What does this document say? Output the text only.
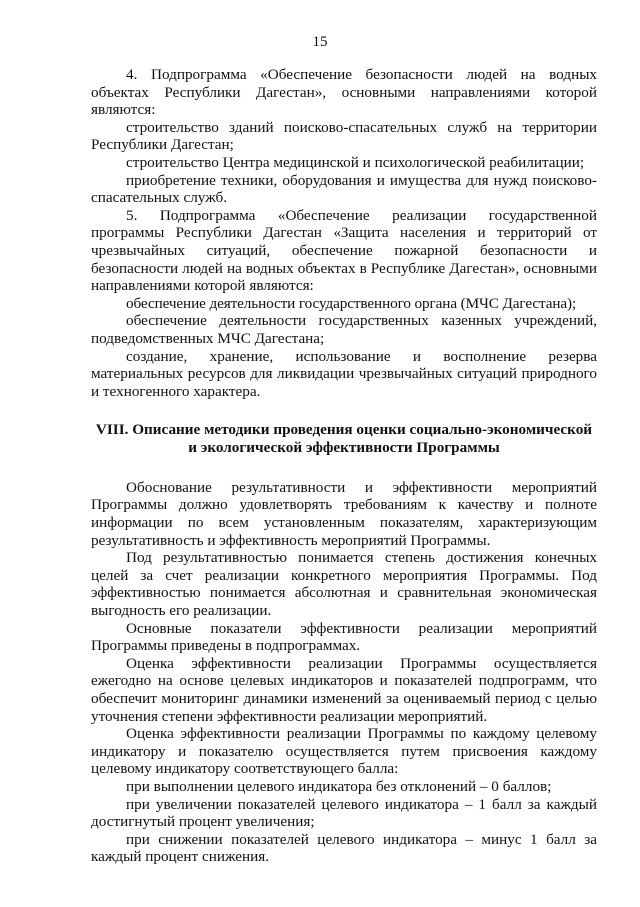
15

4. Подпрограмма «Обеспечение безопасности людей на водных объектах Республики Дагестан», основными направлениями которой являются:

строительство зданий поисково-спасательных служб на территории Республики Дагестан;

строительство Центра медицинской и психологической реабилитации;

приобретение техники, оборудования и имущества для нужд поисково-спасательных служб.

5. Подпрограмма «Обеспечение реализации государственной программы Республики Дагестан «Защита населения и территорий от чрезвычайных ситуаций, обеспечение пожарной безопасности и безопасности людей на водных объектах в Республике Дагестан», основными направлениями которой являются:

обеспечение деятельности государственного органа (МЧС Дагестана);

обеспечение деятельности государственных казенных учреждений, подведомственных МЧС Дагестана;

создание, хранение, использование и восполнение резерва материальных ресурсов для ликвидации чрезвычайных ситуаций природного и техногенного характера.

VIII. Описание методики проведения оценки социально-экономической
и экологической эффективности Программы

Обоснование результативности и эффективности мероприятий Программы должно удовлетворять требованиям к качеству и полноте информации по всем установленным показателям, характеризующим результативность и эффективность мероприятий Программы.

Под результативностью понимается степень достижения конечных целей за счет реализации конкретного мероприятия Программы. Под эффективностью понимается абсолютная и сравнительная экономическая выгодность его реализации.

Основные показатели эффективности реализации мероприятий Программы приведены в подпрограммах.

Оценка эффективности реализации Программы осуществляется ежегодно на основе целевых индикаторов и показателей подпрограмм, что обеспечит мониторинг динамики изменений за оцениваемый период с целью уточнения степени эффективности реализации мероприятий.

Оценка эффективности реализации Программы по каждому целевому индикатору и показателю осуществляется путем присвоения каждому целевому индикатору соответствующего балла:

при выполнении целевого индикатора без отклонений – 0 баллов;

при увеличении показателей целевого индикатора – 1 балл за каждый достигнутый процент увеличения;

при снижении показателей целевого индикатора – минус 1 балл за каждый процент снижения.
